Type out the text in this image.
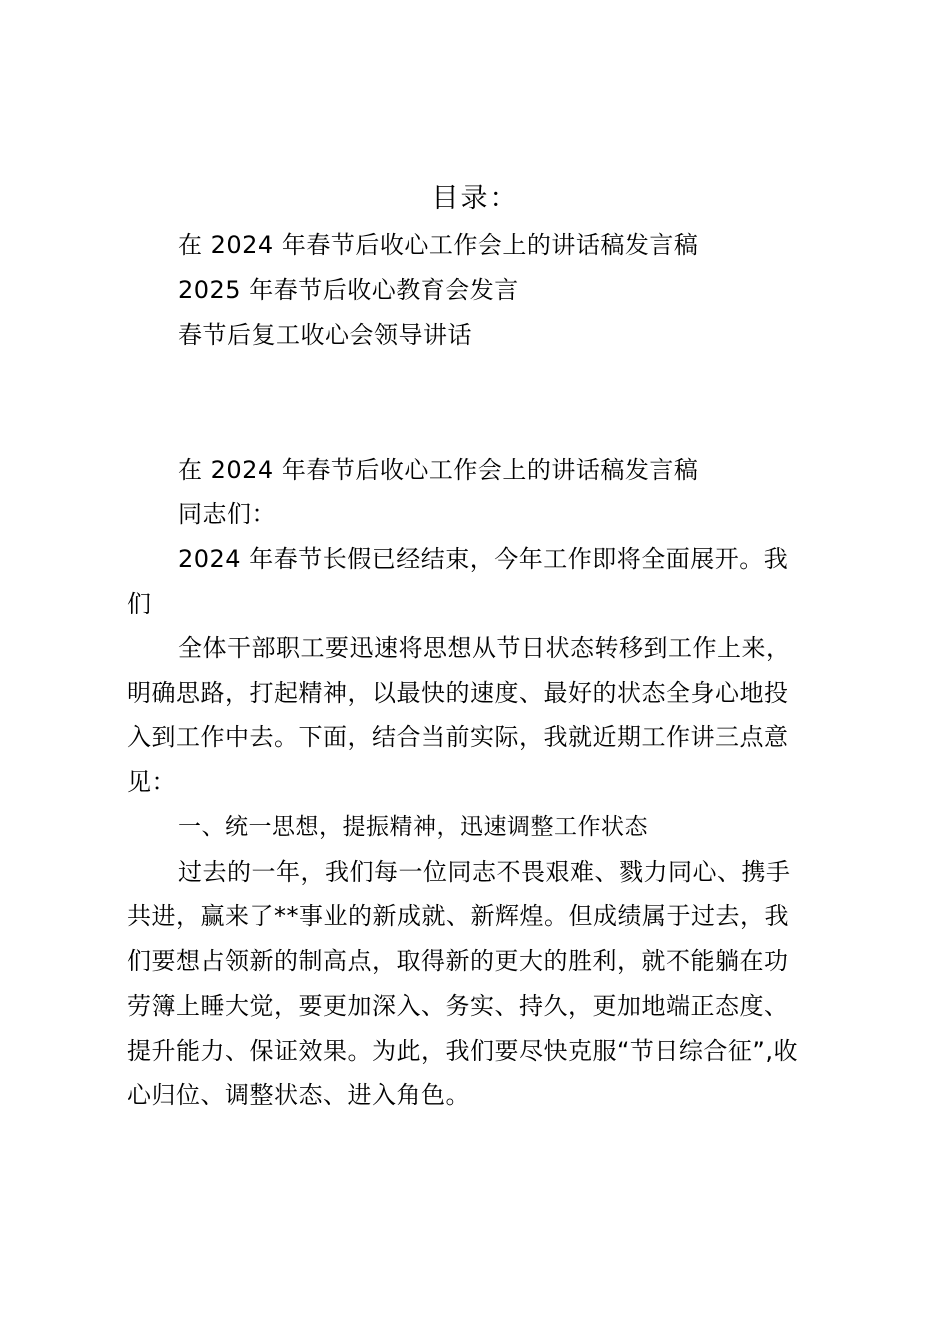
目录：
在 2024 年春节后收心工作会上的讲话稿发言稿
2025 年春节后收心教育会发言
春节后复工收心会领导讲话
在 2024 年春节后收心工作会上的讲话稿发言稿
同志们：
2024 年春节长假已经结束，今年工作即将全面展开。我
们
全体干部职工要迅速将思想从节日状态转移到工作上来，
明确思路，打起精神，以最快的速度、最好的状态全身心地投
入到工作中去。下面，结合当前实际，我就近期工作讲三点意
见：
一、统一思想，提振精神，迅速调整工作状态
过去的一年，我们每一位同志不畏艰难、戮力同心、携手
共进，赢来了**事业的新成就、新辉煌。但成绩属于过去，我
们要想占领新的制高点，取得新的更大的胜利，就不能躺在功
劳簿上睡大觉，要更加深入、务实、持久，更加地端正态度、
提升能力、保证效果。为此，我们要尽快克服“节日综合征”,收
心归位、调整状态、进入角色。
